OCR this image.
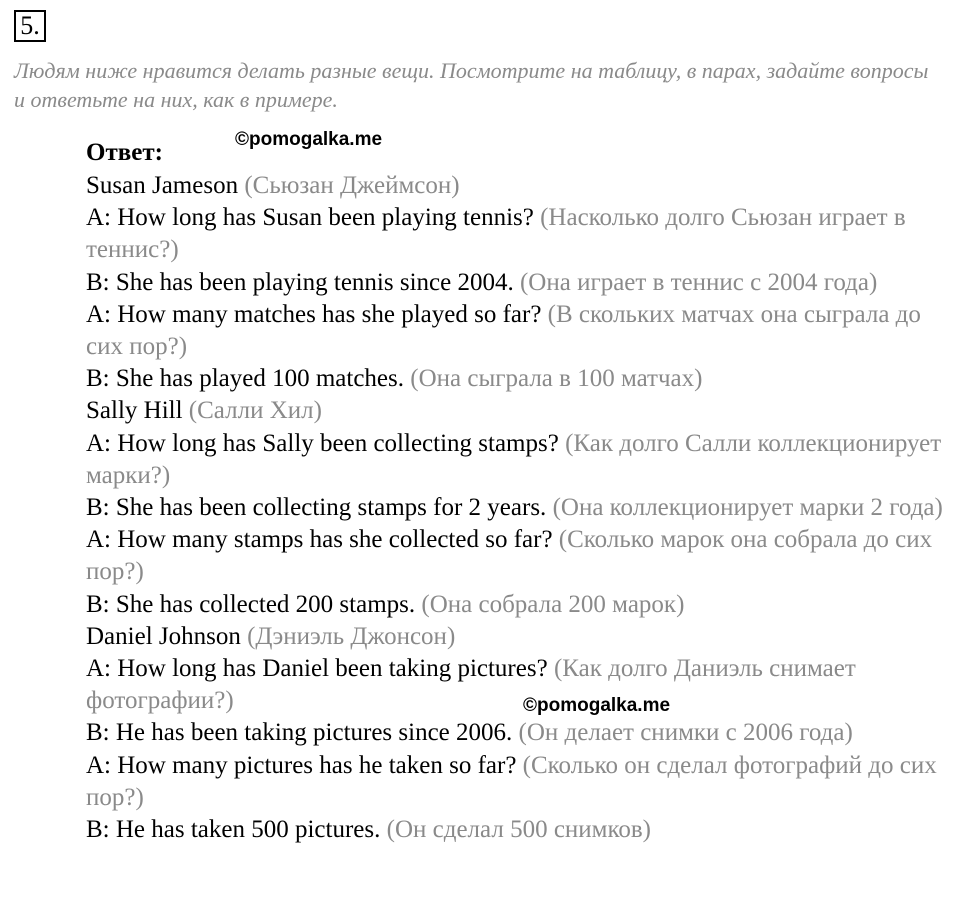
5.

Людям ниже нравится делать разные вещи. Посмотрите на таблицу, в парах, задайте вопросы и ответьте на них, как в примере.

Ответ:	©pomogalka.me

Susan Jameson (Сьюзан Джеймсон)

A: How long has Susan been playing tennis? (Насколько долго Сьюзан играет в теннис?)

B: She has been playing tennis since 2004. (Она играет в теннис с 2004 года)

A: How many matches has she played so far? (В скольких матчах она сыграла до сих пор?)

B: She has played 100 matches. (Она сыграла в 100 матчах)

Sally Hill (Салли Хил)

A: How long has Sally been collecting stamps? (Как долго Салли коллекционирует марки?)

B: She has been collecting stamps for 2 years. (Она коллекционирует марки 2 года)

A: How many stamps has she collected so far? (Сколько марок она собрала до сих пор?)

B: She has collected 200 stamps. (Она собрала 200 марок)

Daniel Johnson (Дэниэль Джонсон)

A: How long has Daniel been taking pictures? (Как долго Даниэль снимает фотографии?)

B: He has been taking pictures since 2006. (Он делает снимки с 2006 года)

A: How many pictures has he taken so far? (Сколько он сделал фотографий до сих пор?)

B: He has taken 500 pictures. (Он сделал 500 снимков)

©pomogalka.me
